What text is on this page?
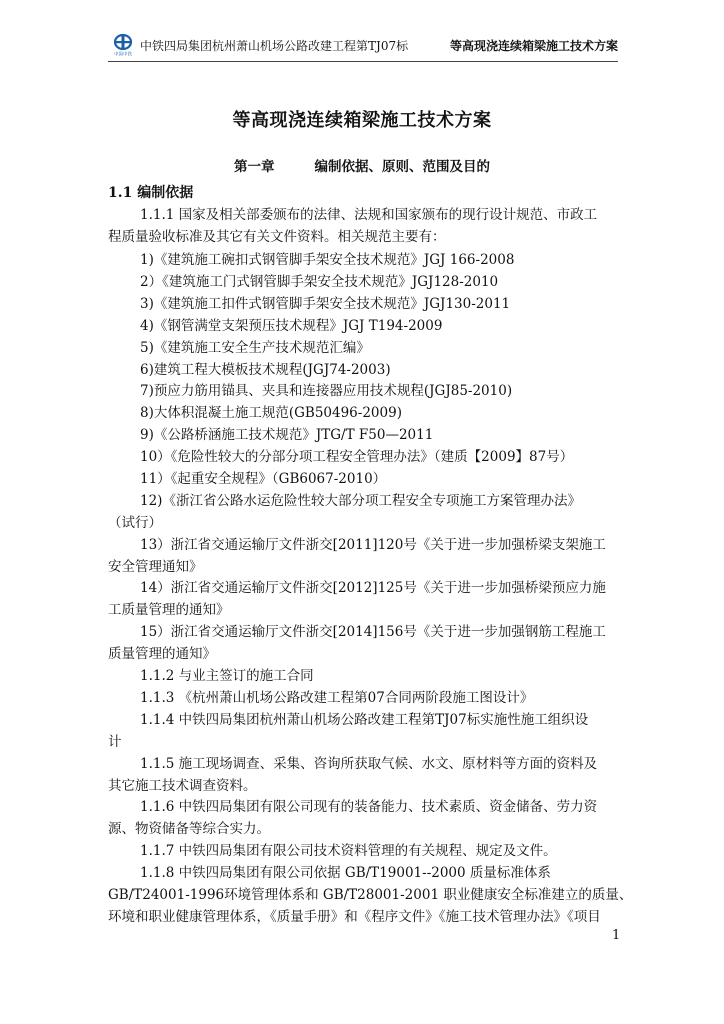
中国中铁
中铁四局集团杭州萧山机场公路改建工程第TJ07标	等高现浇连续箱梁施工技术方案
等高现浇连续箱梁施工技术方案
第一章	编制依据、原则、范围及目的
1.1 编制依据
1.1.1 国家及相关部委颁布的法律、法规和国家颁布的现行设计规范、市政工
程质量验收标准及其它有关文件资料。相关规范主要有：
1)《建筑施工碗扣式钢管脚手架安全技术规范》JGJ 166-2008
2）《建筑施工门式钢管脚手架安全技术规范》JGJ128-2010
3)《建筑施工扣件式钢管脚手架安全技术规范》JGJ130-2011
4)《钢管满堂支架预压技术规程》JGJ T194-2009
5)《建筑施工安全生产技术规范汇编》
6)建筑工程大模板技术规程(JGJ74-2003)
7)预应力筋用锚具、夹具和连接器应用技术规程(JGJ85-2010)
8)大体积混凝土施工规范(GB50496-2009)
9)《公路桥涵施工技术规范》JTG/T F50—2011
10）《危险性较大的分部分项工程安全管理办法》（建质【2009】87号）
11）《起重安全规程》（GB6067-2010）
12)《浙江省公路水运危险性较大部分项工程安全专项施工方案管理办法》
（试行）
13）浙江省交通运输厅文件浙交[2011]120号《关于进一步加强桥梁支架施工
安全管理通知》
14）浙江省交通运输厅文件浙交[2012]125号《关于进一步加强桥梁预应力施
工质量管理的通知》
15）浙江省交通运输厅文件浙交[2014]156号《关于进一步加强钢筋工程施工
质量管理的通知》
1.1.2 与业主签订的施工合同
1.1.3 《杭州萧山机场公路改建工程第07合同两阶段施工图设计》
1.1.4 中铁四局集团杭州萧山机场公路改建工程第TJ07标实施性施工组织设
计
1.1.5 施工现场调查、采集、咨询所获取气候、水文、原材料等方面的资料及
其它施工技术调查资料。
1.1.6 中铁四局集团有限公司现有的装备能力、技术素质、资金储备、劳力资
源、物资储备等综合实力。
1.1.7 中铁四局集团有限公司技术资料管理的有关规程、规定及文件。
1.1.8 中铁四局集团有限公司依据 GB/T19001--2000 质量标准体系
GB/T24001-1996环境管理体系和 GB/T28001-2001 职业健康安全标准建立的质量、
环境和职业健康管理体系，《质量手册》和《程序文件》《施工技术管理办法》《项目
1
